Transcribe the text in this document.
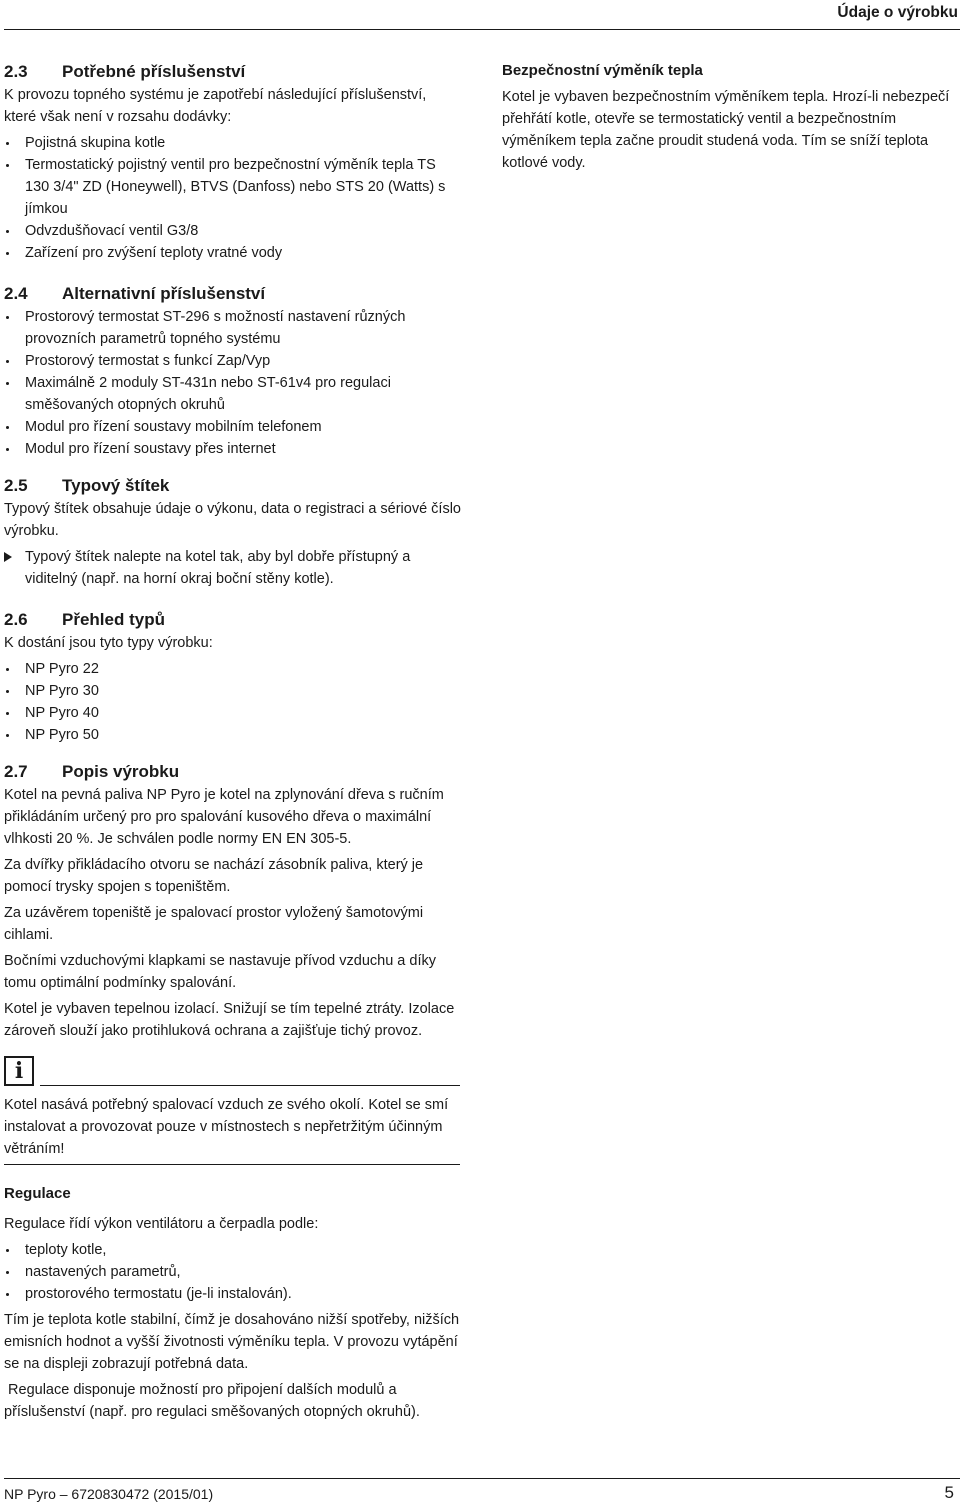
Údaje o výrobku
2.3	Potřebné příslušenství

K provozu topného systému je zapotřebí následující příslušenství, které však není v rozsahu dodávky:

Pojistná skupina kotle
Termostatický pojistný ventil pro bezpečnostní výměník tepla TS 130 3/4" ZD (Honeywell), BTVS (Danfoss) nebo STS 20 (Watts) s jímkou
Odvzdušňovací ventil G3/8
Zařízení pro zvýšení teploty vratné vody
2.4	Alternativní příslušenství
Prostorový termostat ST-296 s možností nastavení různých provozních parametrů topného systému
Prostorový termostat s funkcí Zap/Vyp
Maximálně 2 moduly ST-431n nebo ST-61v4 pro regulaci směšovaných otopných okruhů
Modul pro řízení soustavy mobilním telefonem
Modul pro řízení soustavy přes internet
2.5	Typový štítek

Typový štítek obsahuje údaje o výkonu, data o registraci a sériové číslo výrobku.

Typový štítek nalepte na kotel tak, aby byl dobře přístupný a viditelný (např. na horní okraj boční stěny kotle).
2.6	Přehled typů

K dostání jsou tyto typy výrobku:

NP Pyro 22
NP Pyro 30
NP Pyro 40
NP Pyro 50
2.7	Popis výrobku

Kotel na pevná paliva NP Pyro je kotel na zplynování dřeva s ručním přikládáním určený pro pro spalování kusového dřeva o maximální vlhkosti 20 %. Je schválen podle normy EN EN 305-5.

Za dvířky přikládacího otvoru se nachází zásobník paliva, který je pomocí trysky spojen s topeništěm.

Za uzávěrem topeniště je spalovací prostor vyložený šamotovými cihlami.

Bočními vzduchovými klapkami se nastavuje přívod vzduchu a díky tomu optimální podmínky spalování.

Kotel je vybaven tepelnou izolací. Snižují se tím tepelné ztráty. Izolace zároveň slouží jako protihluková ochrana a zajišťuje tichý provoz.

i
Kotel nasává potřebný spalovací vzduch ze svého okolí. Kotel se smí instalovat a provozovat pouze v místnostech s nepřetržitým účinným větráním!
Regulace

Regulace řídí výkon ventilátoru a čerpadla podle:

teploty kotle,
nastavených parametrů,
prostorového termostatu (je-li instalován).

Tím je teplota kotle stabilní, čímž je dosahováno nižší spotřeby, nižších emisních hodnot a vyšší životnosti výměníku tepla. V provozu vytápění se na displeji zobrazují potřebná data.

Regulace disponuje možností pro připojení dalších modulů a příslušenství (např. pro regulaci směšovaných otopných okruhů).

Bezpečnostní výměník tepla

Kotel je vybaven bezpečnostním výměníkem tepla. Hrozí-li nebezpečí přehřátí kotle, otevře se termostatický ventil a bezpečnostním výměníkem tepla začne proudit studená voda. Tím se sníží teplota kotlové vody.

NP Pyro – 6720830472 (2015/01)	5
